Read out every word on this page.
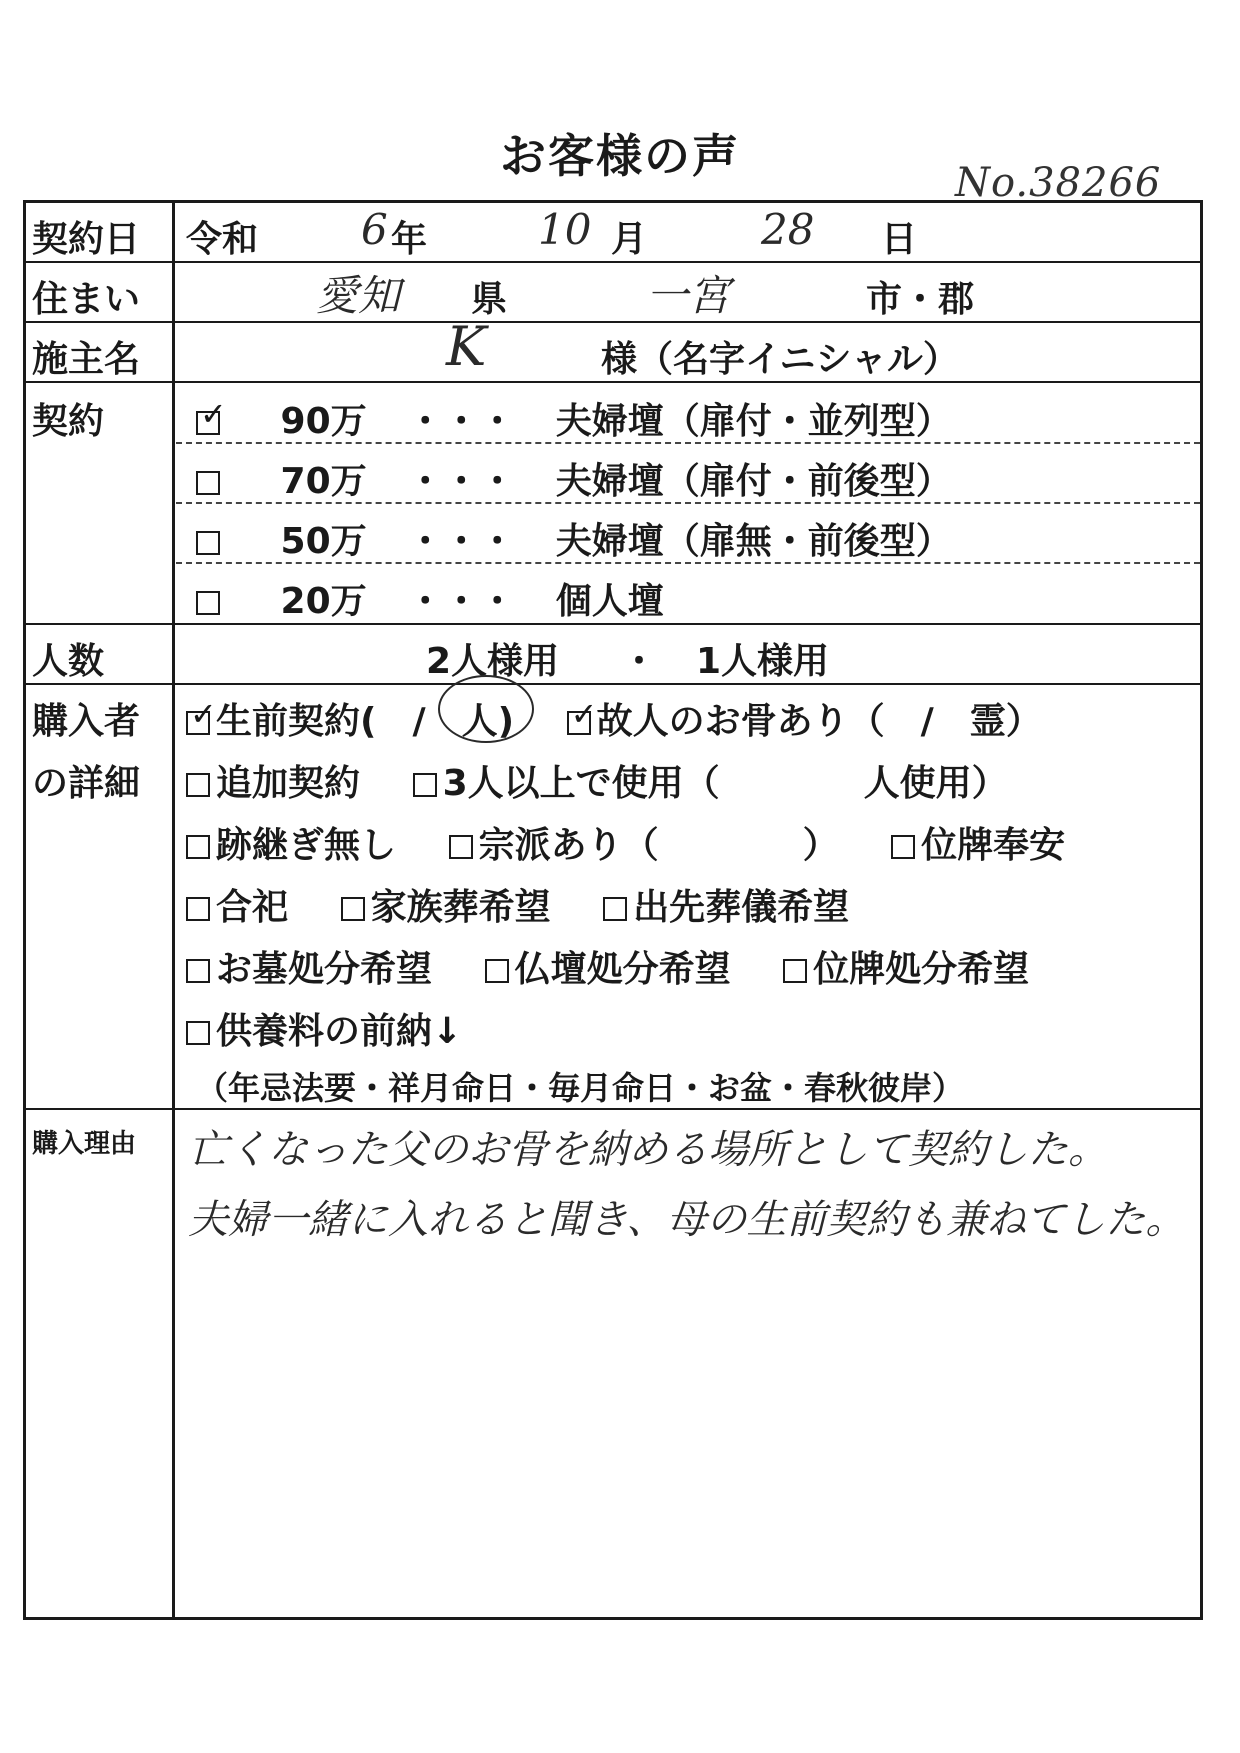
お客様の声	No.38266
契約日 令和 6 年	10 月	28 日
住まい	愛知 県	一宮	市・郡
施主名	K	様（名字イニシャル）
契約 ✓	90万 ・・・ 夫婦壇（扉付・並列型）
70万 ・・・ 夫婦壇（扉付・前後型）
50万 ・・・ 夫婦壇（扉無・前後型）
20万 ・・・ 個人壇
人数	2人様用 ・ 1人様用
購入者
の詳細
✓生前契約(　/　人) ✓ 故人のお骨あり（　/　霊）
追加契約 3人以上で使用（　　　　人使用）
跡継ぎ無し 宗派あり（　　　　） 位牌奉安
合祀 家族葬希望 出先葬儀希望
お墓処分希望 仏壇処分希望 位牌処分希望
供養料の前納↓
（年忌法要・祥月命日・毎月命日・お盆・春秋彼岸）
購入理由 亡くなった父のお骨を納める場所として契約した。
夫婦一緒に入れると聞き、母の生前契約も兼ねてした。
